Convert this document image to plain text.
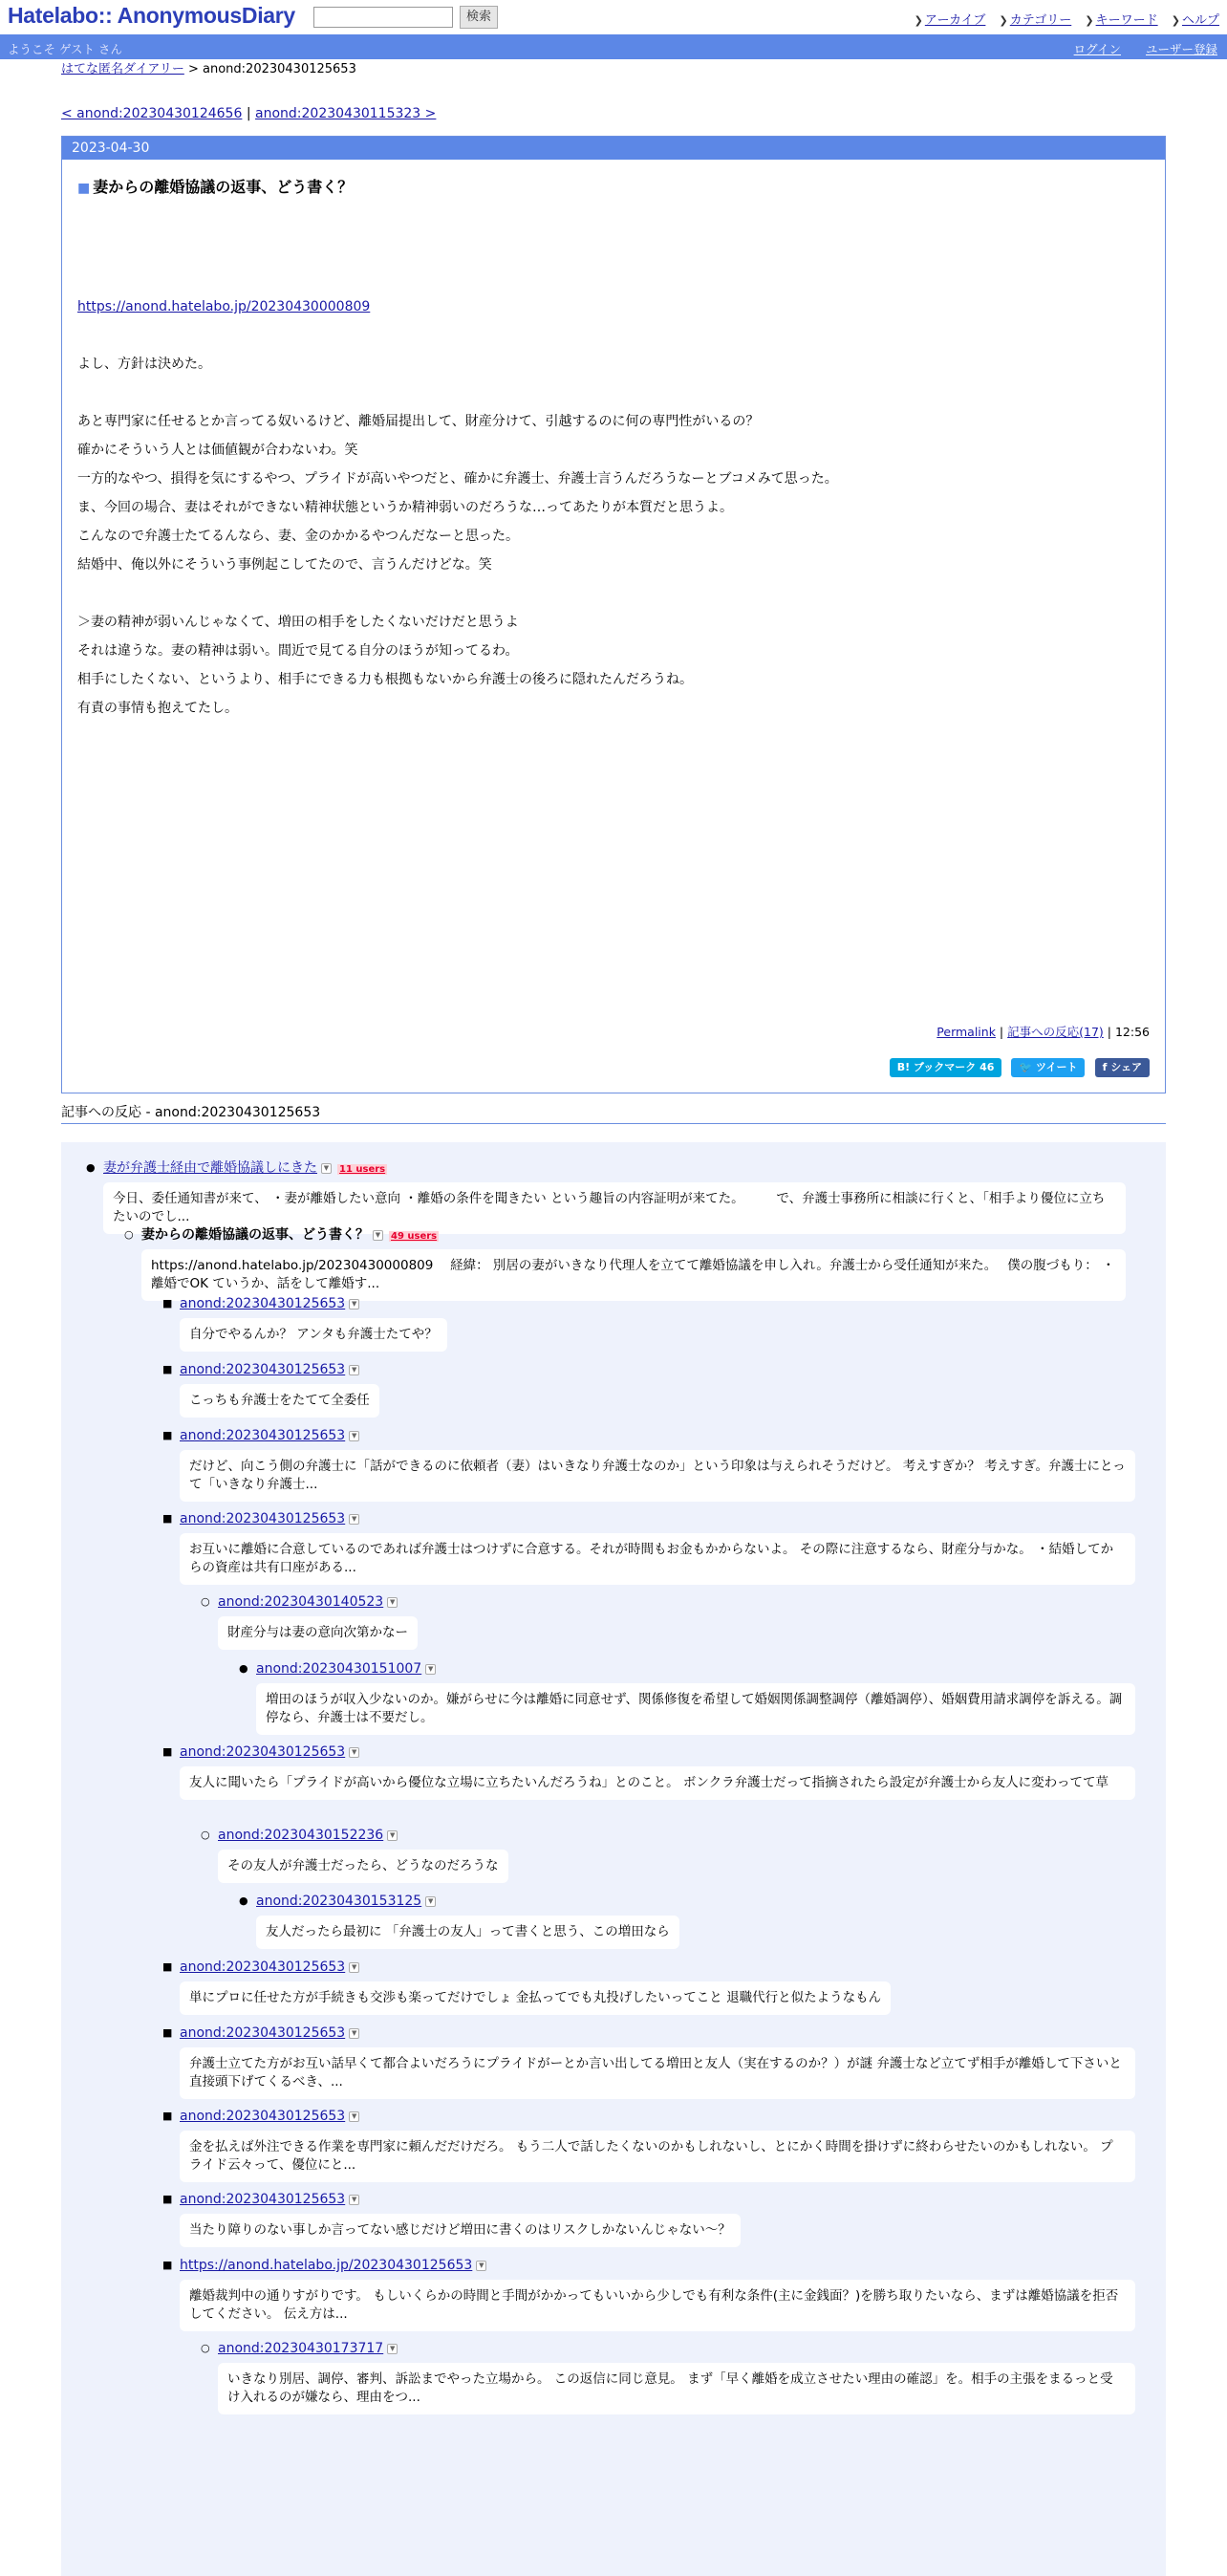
Hatelabo:: AnonymousDiary	検索	❯ アーカイブ ❯ カテゴリー ❯ キーワード ❯ ヘルプ
ようこそ ゲスト さん	ログイン ユーザー登録
はてな匿名ダイアリー > anond:20230430125653
< anond:20230430124656 | anond:20230430115323 >
2023-04-30
■ 妻からの離婚協議の返事、どう書く？

https://anond.hatelabo.jp/20230430000809

よし、方針は決めた。

あと専門家に任せるとか言ってる奴いるけど、離婚届提出して、財産分けて、引越するのに何の専門性がいるの？

確かにそういう人とは価値観が合わないわ。笑

一方的なやつ、損得を気にするやつ、プライドが高いやつだと、確かに弁護士、弁護士言うんだろうなーとブコメみて思った。

ま、今回の場合、妻はそれができない精神状態というか精神弱いのだろうな…ってあたりが本質だと思うよ。

こんなので弁護士たてるんなら、妻、金のかかるやつんだなーと思った。

結婚中、俺以外にそういう事例起こしてたので、言うんだけどな。笑

＞妻の精神が弱いんじゃなくて、増田の相手をしたくないだけだと思うよ

それは違うな。妻の精神は弱い。間近で見てる自分のほうが知ってるわ。

相手にしたくない、というより、相手にできる力も根拠もないから弁護士の後ろに隠れたんだろうね。

有責の事情も抱えてたし。

Permalink | 記事への反応(17) | 12:56
B! ブックマーク 46 🐦 ツイート f シェア
記事への反応 - anond:20230430125653
● 妻が弁護士経由で離婚協議しにきた ▼ 11 users
今日、委任通知書が来て、 ・妻が離婚したい意向 ・離婚の条件を聞きたい という趣旨の内容証明が来てた。　　　で、弁護士事務所に相談に行くと、「相手より優位に立ちたいのでし...
○ 妻からの離婚協議の返事、どう書く？ ▼ 49 users
https://anond.hatelabo.jp/20230430000809　 経緯： 別居の妻がいきなり代理人を立てて離婚協議を申し入れ。弁護士から受任通知が来た。　 僕の腹づもり： ・離婚でOK ていうか、話をして離婚す...
■ anond:20230430125653 ▼
自分でやるんか？ アンタも弁護士たてや？
■ anond:20230430125653 ▼
こっちも弁護士をたてて全委任
■ anond:20230430125653 ▼
だけど、向こう側の弁護士に「話ができるのに依頼者（妻）はいきなり弁護士なのか」という印象は与えられそうだけど。 考えすぎか？ 考えすぎ。弁護士にとって「いきなり弁護士...
■ anond:20230430125653 ▼
お互いに離婚に合意しているのであれば弁護士はつけずに合意する。それが時間もお金もかからないよ。 その際に注意するなら、財産分与かな。 ・結婚してからの資産は共有口座がある...
○ anond:20230430140523 ▼
財産分与は妻の意向次第かなー
● anond:20230430151007 ▼
増田のほうが収入少ないのか。嫌がらせに今は離婚に同意せず、関係修復を希望して婚姻関係調整調停（離婚調停）、婚姻費用請求調停を訴える。調停なら、弁護士は不要だし。
■ anond:20230430125653 ▼
友人に聞いたら「プライドが高いから優位な立場に立ちたいんだろうね」とのこと。 ボンクラ弁護士だって指摘されたら設定が弁護士から友人に変わってて草
○ anond:20230430152236 ▼
その友人が弁護士だったら、どうなのだろうな
● anond:20230430153125 ▼
友人だったら最初に 「弁護士の友人」って書くと思う、この増田なら
■ anond:20230430125653 ▼
単にプロに任せた方が手続きも交渉も楽ってだけでしょ 金払ってでも丸投げしたいってこと 退職代行と似たようなもん
■ anond:20230430125653 ▼
弁護士立てた方がお互い話早くて都合よいだろうにプライドがーとか言い出してる増田と友人（実在するのか？）が謎 弁護士など立てず相手が離婚して下さいと直接頭下げてくるべき、...
■ anond:20230430125653 ▼
金を払えば外注できる作業を専門家に頼んだだけだろ。 もう二人で話したくないのかもしれないし、とにかく時間を掛けずに終わらせたいのかもしれない。 プライド云々って、優位にと...
■ anond:20230430125653 ▼
当たり障りのない事しか言ってない感じだけど増田に書くのはリスクしかないんじゃない～？
■ https://anond.hatelabo.jp/20230430125653 ▼
離婚裁判中の通りすがりです。 もしいくらかの時間と手間がかかってもいいから少しでも有利な条件(主に金銭面？)を勝ち取りたいなら、まずは離婚協議を拒否してください。 伝え方は...
○ anond:20230430173717 ▼
いきなり別居、調停、審判、訴訟までやった立場から。 この返信に同じ意見。 まず「早く離婚を成立させたい理由の確認」を。相手の主張をまるっと受け入れるのが嫌なら、理由をつ...
